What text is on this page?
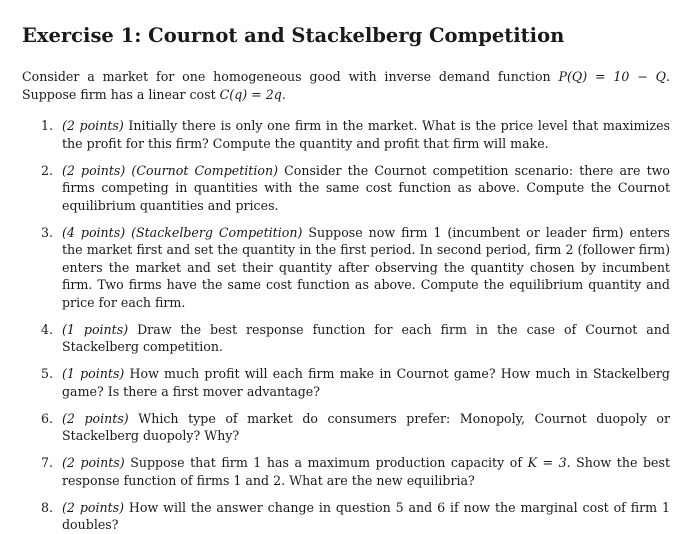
Exercise 1: Cournot and Stackelberg Competition

Consider a market for one homogeneous good with inverse demand function P(Q) = 10 − Q. Suppose firm has a linear cost C(q) = 2q.

1. (2 points) Initially there is only one firm in the market. What is the price level that maximizes the profit for this firm? Compute the quantity and profit that firm will make.
2. (2 points) (Cournot Competition) Consider the Cournot competition scenario: there are two firms competing in quantities with the same cost function as above. Compute the Cournot equilibrium quantities and prices.
3. (4 points) (Stackelberg Competition) Suppose now firm 1 (incumbent or leader firm) enters the market first and set the quantity in the first period. In second period, firm 2 (follower firm) enters the market and set their quantity after observing the quantity chosen by incumbent firm. Two firms have the same cost function as above. Compute the equilibrium quantity and price for each firm.
4. (1 points) Draw the best response function for each firm in the case of Cournot and Stackelberg competition.
5. (1 points) How much profit will each firm make in Cournot game? How much in Stackelberg game? Is there a first mover advantage?
6. (2 points) Which type of market do consumers prefer: Monopoly, Cournot duopoly or Stackelberg duopoly? Why?
7. (2 points) Suppose that firm 1 has a maximum production capacity of K = 3. Show the best response function of firms 1 and 2. What are the new equilibria?
8. (2 points) How will the answer change in question 5 and 6 if now the marginal cost of firm 1 doubles?
